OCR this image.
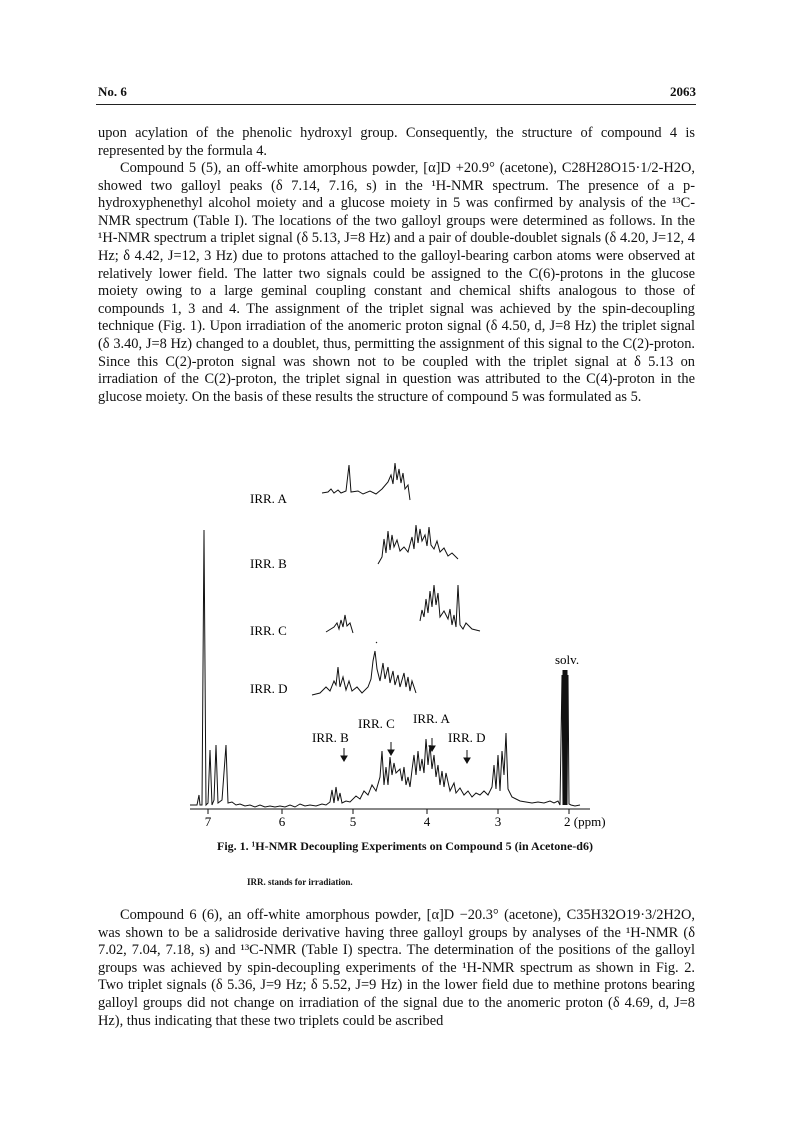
No. 6	2063

upon acylation of the phenolic hydroxyl group. Consequently, the structure of compound 4 is represented by the formula 4.

Compound 5 (5), an off-white amorphous powder, [α]D +20.9° (acetone), C28H28O15·1/2-H2O, showed two galloyl peaks (δ 7.14, 7.16, s) in the ¹H-NMR spectrum. The presence of a p-hydroxyphenethyl alcohol moiety and a glucose moiety in 5 was confirmed by analysis of the ¹³C-NMR spectrum (Table I). The locations of the two galloyl groups were determined as follows. In the ¹H-NMR spectrum a triplet signal (δ 5.13, J=8 Hz) and a pair of double-doublet signals (δ 4.20, J=12, 4 Hz; δ 4.42, J=12, 3 Hz) due to protons attached to the galloyl-bearing carbon atoms were observed at relatively lower field. The latter two signals could be assigned to the C(6)-protons in the glucose moiety owing to a large geminal coupling constant and chemical shifts analogous to those of compounds 1, 3 and 4. The assignment of the triplet signal was achieved by the spin-decoupling technique (Fig. 1). Upon irradiation of the anomeric proton signal (δ 4.50, d, J=8 Hz) the triplet signal (δ 3.40, J=8 Hz) changed to a doublet, thus, permitting the assignment of this signal to the C(2)-proton. Since this C(2)-proton signal was shown not to be coupled with the triplet signal at δ 5.13 on irradiation of the C(2)-proton, the triplet signal in question was attributed to the C(4)-proton in the glucose moiety. On the basis of these results the structure of compound 5 was formulated as 5.

7	6	5	4	3	2 (ppm)
IRR. A
IRR. B
IRR. C
IRR. D
solv.
IRR. C IRR. A
IRR. B	IRR. D

Fig. 1. ¹H-NMR Decoupling Experiments on Compound 5 (in Acetone-d6)

IRR. stands for irradiation.

Compound 6 (6), an off-white amorphous powder, [α]D −20.3° (acetone), C35H32O19·3/2H2O, was shown to be a salidroside derivative having three galloyl groups by analyses of the ¹H-NMR (δ 7.02, 7.04, 7.18, s) and ¹³C-NMR (Table I) spectra. The determination of the positions of the galloyl groups was achieved by spin-decoupling experiments of the ¹H-NMR spectrum as shown in Fig. 2. Two triplet signals (δ 5.36, J=9 Hz; δ 5.52, J=9 Hz) in the lower field due to methine protons bearing galloyl groups did not change on irradiation of the signal due to the anomeric proton (δ 4.69, d, J=8 Hz), thus indicating that these two triplets could be ascribed
